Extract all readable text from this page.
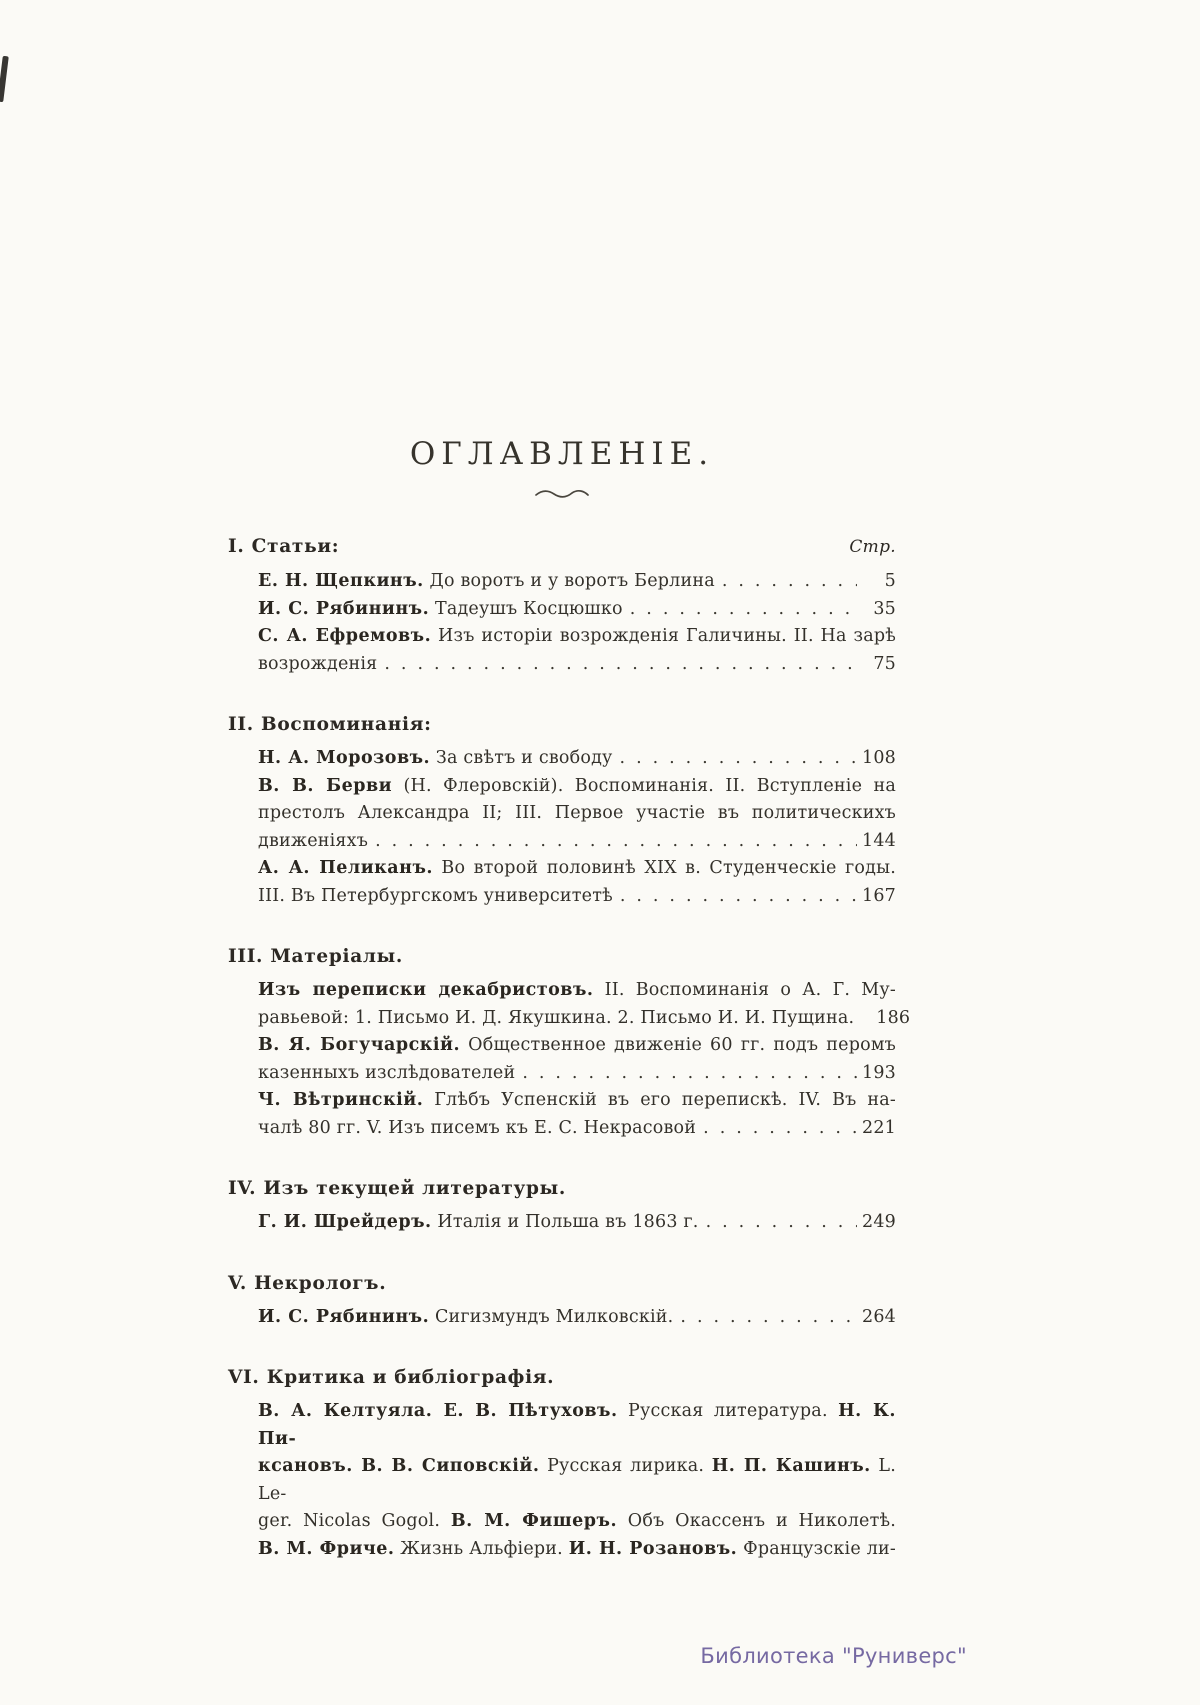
ОГЛАВЛЕНІЕ.
I. Статьи:	Стр.
Е. Н. Щепкинъ. До воротъ и у воротъ Берлина . . .	5
И. С. Рябининъ. Тадеушъ Косцюшко . . .	35
С. А. Ефремовъ. Изъ исторіи возрожденія Галичины. II. На зарѣ
возрожденія . . .	75
II. Воспоминанія:
Н. А. Морозовъ. За свѣтъ и свободу . . .	108
В. В. Берви (Н. Флеровскій). Воспоминанія. II. Вступленіе на
престолъ Александра II; III. Первое участіе въ политическихъ
движеніяхъ . . .	144
А. А. Пеликанъ. Во второй половинѣ XIX в. Студенческіе годы.
III. Въ Петербургскомъ университетѣ . . .	167
III. Матеріалы.
Изъ переписки декабристовъ. II. Воспоминанія о А. Г. Му-
равьевой: 1. Письмо И. Д. Якушкина. 2. Письмо И. И. Пущина. 186
В. Я. Богучарскій. Общественное движеніе 60 гг. подъ перомъ
казенныхъ изслѣдователей . . .	193
Ч. Вѣтринскій. Глѣбъ Успенскій въ его перепискѣ. IV. Въ на-
чалѣ 80 гг. V. Изъ писемъ къ Е. С. Некрасовой . . .	221
IV. Изъ текущей литературы.
Г. И. Шрейдеръ. Италія и Польша въ 1863 г. . . .	249
V. Некрологъ.
И. С. Рябининъ. Сигизмундъ Милковскій. . . .	264
VI. Критика и библіографія.
В. А. Келтуяла. Е. В. Пѣтуховъ. Русская литература. Н. К. Пи-
ксановъ. В. В. Сиповскій. Русская лирика. Н. П. Кашинъ. L. Le-
ger. Nicolas Gogol. В. М. Фишеръ. Объ Окассенъ и Николетѣ.
В. М. Фриче. Жизнь Альфіери. И. Н. Розановъ. Французскіе ли-
Библиотека "Руниверс"
